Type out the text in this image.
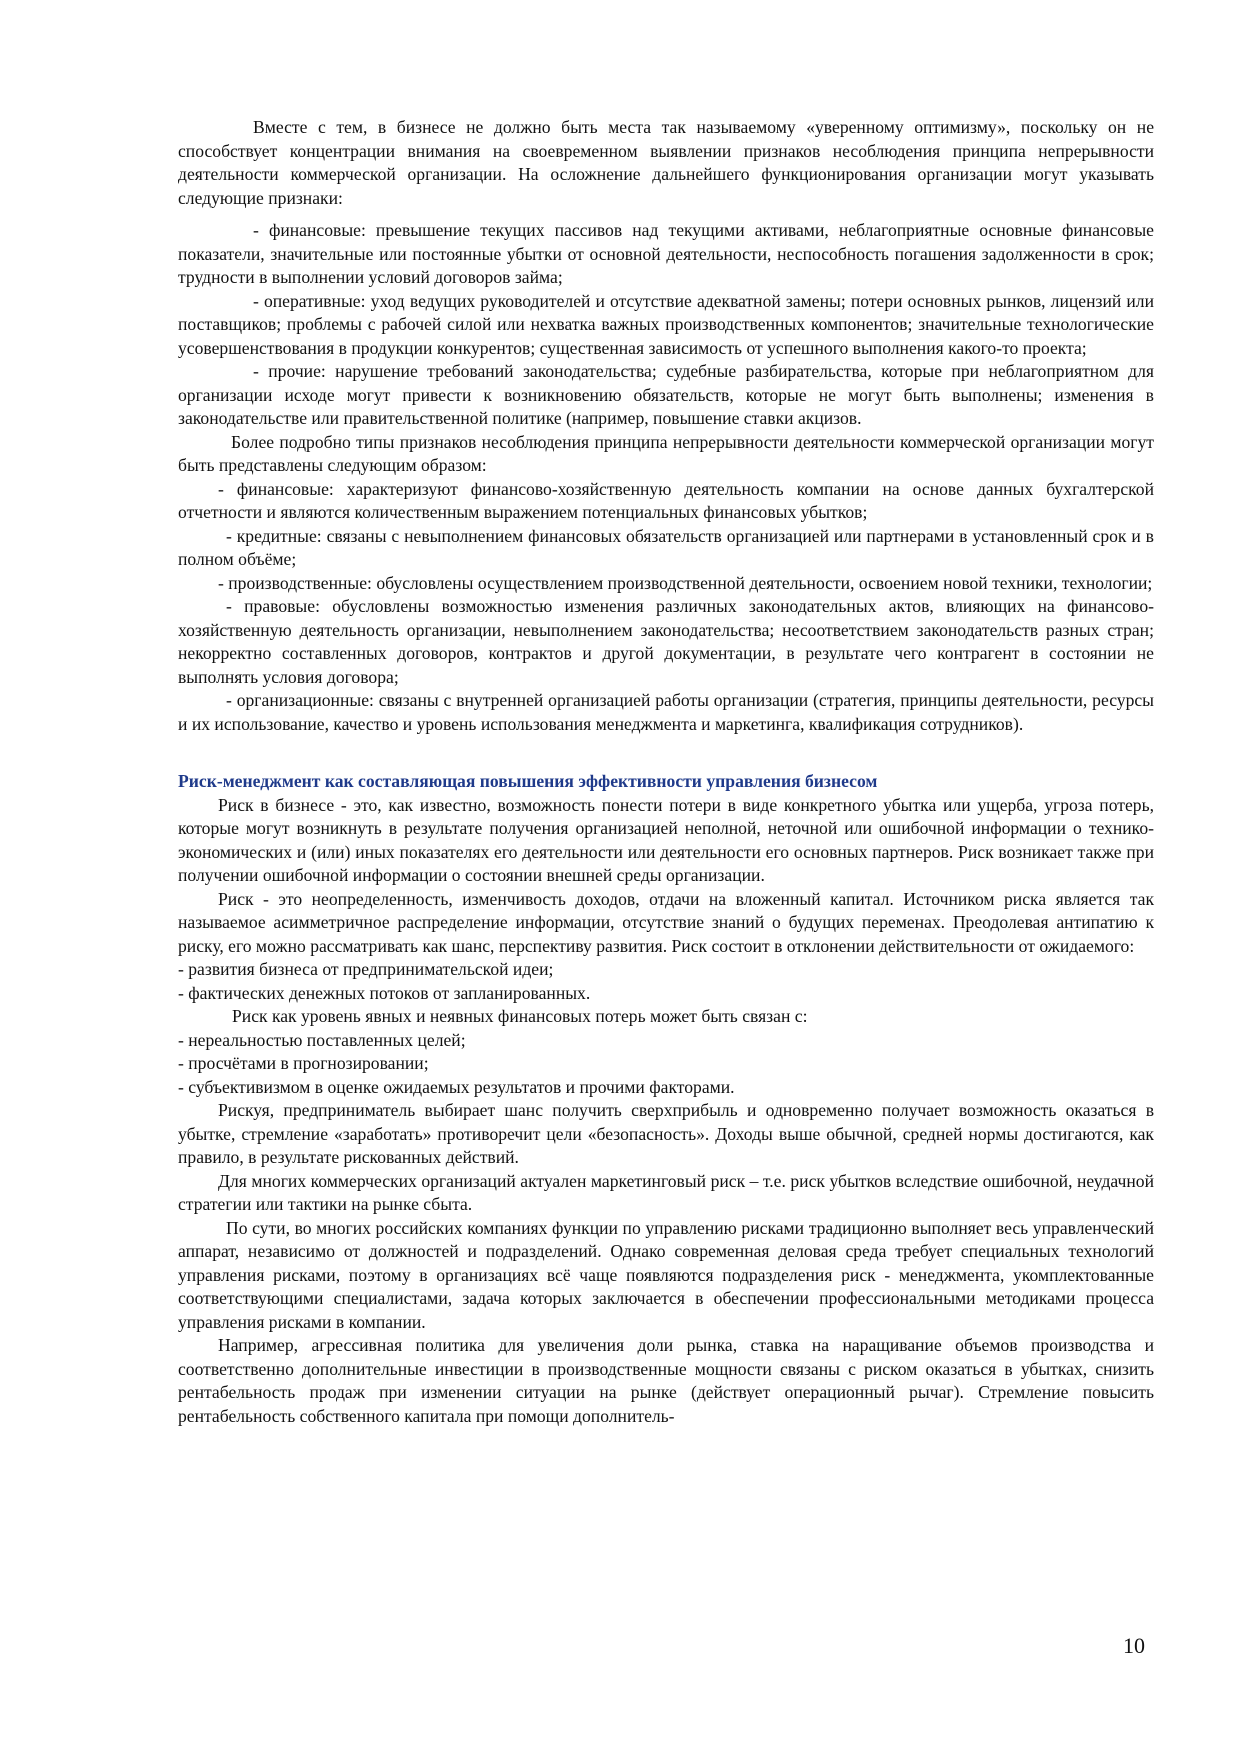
Вместе с тем, в бизнесе не должно быть места так называемому «уверенному оптимизму», поскольку он не способствует концентрации внимания на своевременном выявлении признаков несоблюдения принципа непрерывности деятельности коммерческой организации. На осложнение дальнейшего функционирования организации могут указывать следующие признаки:

- финансовые: превышение текущих пассивов над текущими активами, неблагоприятные основные финансовые показатели, значительные или постоянные убытки от основной деятельности, неспособность погашения задолженности в срок; трудности в выполнении условий договоров займа;

- оперативные: уход ведущих руководителей и отсутствие адекватной замены; потери основных рынков, лицензий или поставщиков; проблемы с рабочей силой или нехватка важных производственных компонентов; значительные технологические усовершенствования в продукции конкурентов; существенная зависимость от успешного выполнения какого-то проекта;

- прочие: нарушение требований законодательства; судебные разбирательства, которые при неблагоприятном для организации исходе могут привести к возникновению обязательств, которые не могут быть выполнены; изменения в законодательстве или правительственной политике (например, повышение ставки акцизов.

Более подробно типы признаков несоблюдения принципа непрерывности деятельности коммерческой организации могут быть представлены следующим образом:

- финансовые: характеризуют финансово-хозяйственную деятельность компании на основе данных бухгалтерской отчетности и являются количественным выражением потенциальных финансовых убытков;

- кредитные: связаны с невыполнением финансовых обязательств организацией или партнерами в установленный срок и в полном объёме;

- производственные: обусловлены осуществлением производственной деятельности, освоением новой техники, технологии;

- правовые: обусловлены возможностью изменения различных законодательных актов, влияющих на финансово-хозяйственную деятельность организации, невыполнением законодательства; несоответствием законодательств разных стран; некорректно составленных договоров, контрактов и другой документации, в результате чего контрагент в состоянии не выполнять условия договора;

- организационные: связаны с внутренней организацией работы организации (стратегия, принципы деятельности, ресурсы и их использование, качество и уровень использования менеджмента и маркетинга, квалификация сотрудников).

Риск-менеджмент как составляющая повышения эффективности управления бизнесом

Риск в бизнесе - это, как известно, возможность понести потери в виде конкретного убытка или ущерба, угроза потерь, которые могут возникнуть в результате получения организацией неполной, неточной или ошибочной информации о технико-экономических и (или) иных показателях его деятельности или деятельности его основных партнеров. Риск возникает также при получении ошибочной информации о состоянии внешней среды организации.

Риск - это неопределенность, изменчивость доходов, отдачи на вложенный капитал. Источником риска является так называемое асимметричное распределение информации, отсутствие знаний о будущих переменах. Преодолевая антипатию к риску, его можно рассматривать как шанс, перспективу развития. Риск состоит в отклонении действительности от ожидаемого:

- развития бизнеса от предпринимательской идеи;

- фактических денежных потоков от запланированных.

Риск как уровень явных и неявных финансовых потерь может быть связан с:

- нереальностью поставленных целей;

- просчётами в прогнозировании;

- субъективизмом в оценке ожидаемых результатов и прочими факторами.

Рискуя, предприниматель выбирает шанс получить сверхприбыль и одновременно получает возможность оказаться в убытке, стремление «заработать» противоречит цели «безопасность». Доходы выше обычной, средней нормы достигаются, как правило, в результате рискованных действий.

Для многих коммерческих организаций актуален маркетинговый риск – т.е. риск убытков вследствие ошибочной, неудачной стратегии или тактики на рынке сбыта.

По сути, во многих российских компаниях функции по управлению рисками традиционно выполняет весь управленческий аппарат, независимо от должностей и подразделений. Однако современная деловая среда требует специальных технологий управления рисками, поэтому в организациях всё чаще появляются подразделения риск - менеджмента, укомплектованные соответствующими специалистами, задача которых заключается в обеспечении профессиональными методиками процесса управления рисками в компании.

Например, агрессивная политика для увеличения доли рынка, ставка на наращивание объемов производства и соответственно дополнительные инвестиции в производственные мощности связаны с риском оказаться в убытках, снизить рентабельность продаж при изменении ситуации на рынке (действует операционный рычаг). Стремление повысить рентабельность собственного капитала при помощи дополнитель-

10
